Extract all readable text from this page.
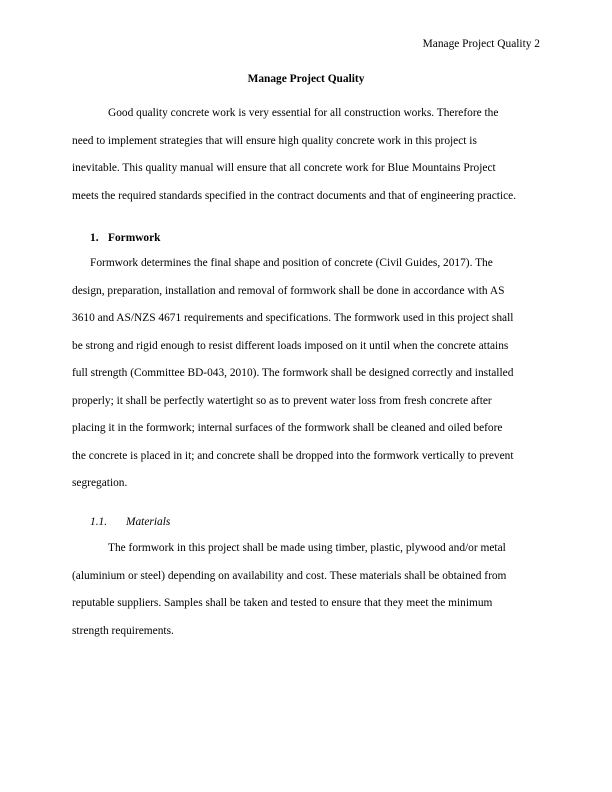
Manage Project Quality 2
Manage Project Quality
Good quality concrete work is very essential for all construction works. Therefore the
need to implement strategies that will ensure high quality concrete work in this project is
inevitable. This quality manual will ensure that all concrete work for Blue Mountains Project
meets the required standards specified in the contract documents and that of engineering practice.
1. Formwork
Formwork determines the final shape and position of concrete (Civil Guides, 2017). The
design, preparation, installation and removal of formwork shall be done in accordance with AS
3610 and AS/NZS 4671 requirements and specifications. The formwork used in this project shall
be strong and rigid enough to resist different loads imposed on it until when the concrete attains
full strength (Committee BD-043, 2010). The formwork shall be designed correctly and installed
properly; it shall be perfectly watertight so as to prevent water loss from fresh concrete after
placing it in the formwork; internal surfaces of the formwork shall be cleaned and oiled before
the concrete is placed in it; and concrete shall be dropped into the formwork vertically to prevent
segregation.
1.1. Materials
The formwork in this project shall be made using timber, plastic, plywood and/or metal
(aluminium or steel) depending on availability and cost. These materials shall be obtained from
reputable suppliers. Samples shall be taken and tested to ensure that they meet the minimum
strength requirements.
